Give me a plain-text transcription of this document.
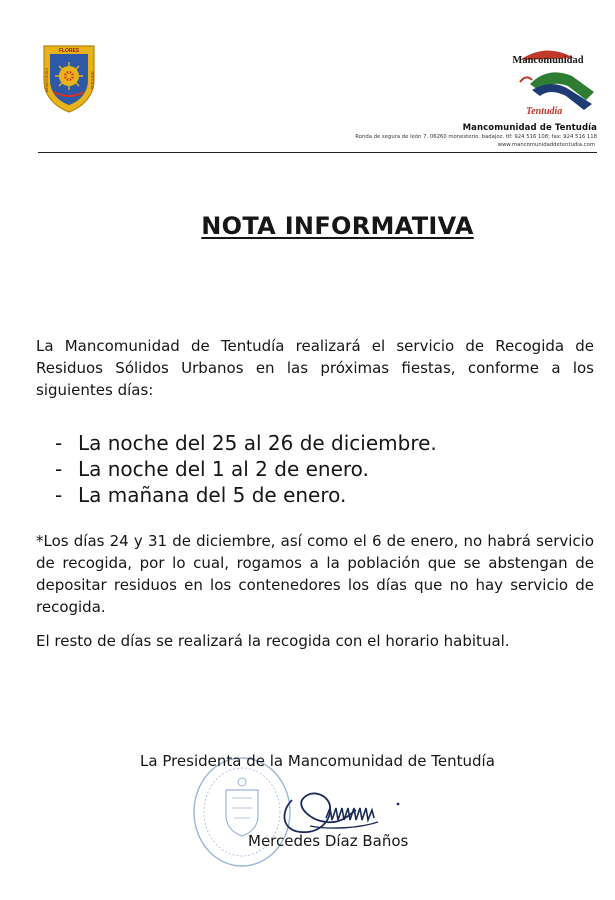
FLORES
MONESTERIO	TENTUDIA
Mancomunidad
Tentudía
Mancomunidad de Tentudía
Ronda de segura de león 7. 06260 monesterio. badajoz. tlf: 924 516 108; fax: 924 516 118
www.mancomunidaddetentudia.com
NOTA INFORMATIVA
La Mancomunidad de Tentudía realizará el servicio de Recogida de Residuos Sólidos Urbanos en las próximas fiestas, conforme a los siguientes días:
- La noche del 25 al 26 de diciembre.
- La noche del 1 al 2 de enero.
- La mañana del 5 de enero.
*Los días 24 y 31 de diciembre, así como el 6 de enero, no habrá servicio de recogida, por lo cual, rogamos a la población que se abstengan de depositar residuos en los contenedores los días que no hay servicio de recogida.
El resto de días se realizará la recogida con el horario habitual.
La Presidenta de la Mancomunidad de Tentudía
Mercedes Díaz Baños
